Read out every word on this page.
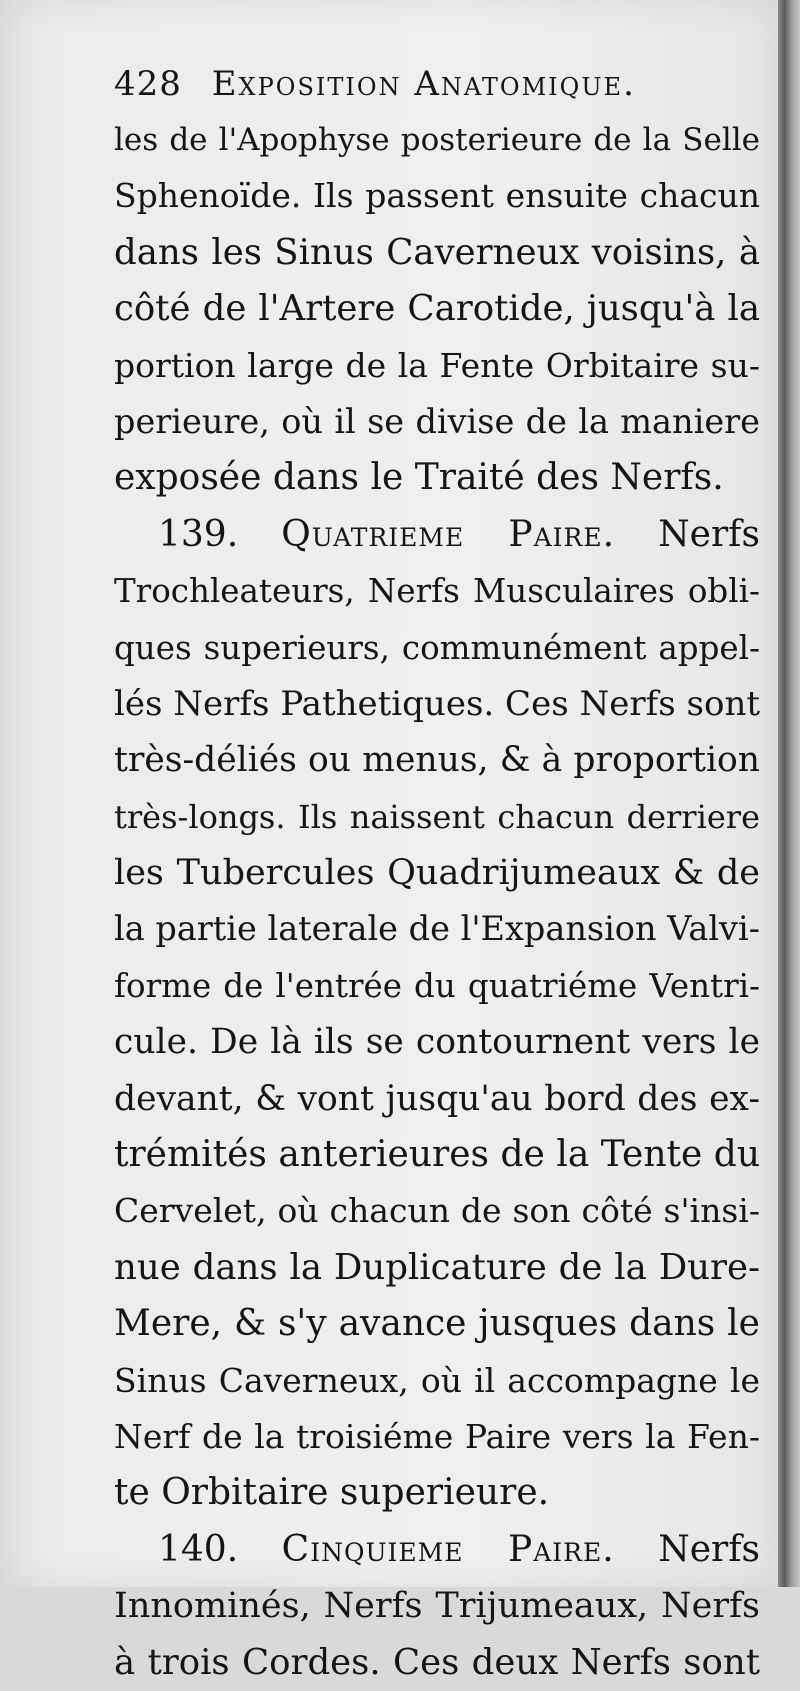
428 Exposition Anatomique.
les de l'Apophyse posterieure de la Selle
Sphenoïde. Ils passent ensuite chacun
dans les Sinus Caverneux voisins, à
côté de l'Artere Carotide, jusqu'à la
portion large de la Fente Orbitaire su-
perieure, où il se divise de la maniere
exposée dans le Traité des Nerfs.
139. Quatrieme Paire. Nerfs
Trochleateurs, Nerfs Musculaires obli-
ques superieurs, communément appel-
lés Nerfs Pathetiques. Ces Nerfs sont
très-déliés ou menus, & à proportion
très-longs. Ils naissent chacun derriere
les Tubercules Quadrijumeaux & de
la partie laterale de l'Expansion Valvi-
forme de l'entrée du quatriéme Ventri-
cule. De là ils se contournent vers le
devant, & vont jusqu'au bord des ex-
trémités anterieures de la Tente du
Cervelet, où chacun de son côté s'insi-
nue dans la Duplicature de la Dure-
Mere, & s'y avance jusques dans le
Sinus Caverneux, où il accompagne le
Nerf de la troisiéme Paire vers la Fen-
te Orbitaire superieure.
140. Cinquieme Paire. Nerfs
Innominés, Nerfs Trijumeaux, Nerfs
à trois Cordes. Ces deux Nerfs sont
